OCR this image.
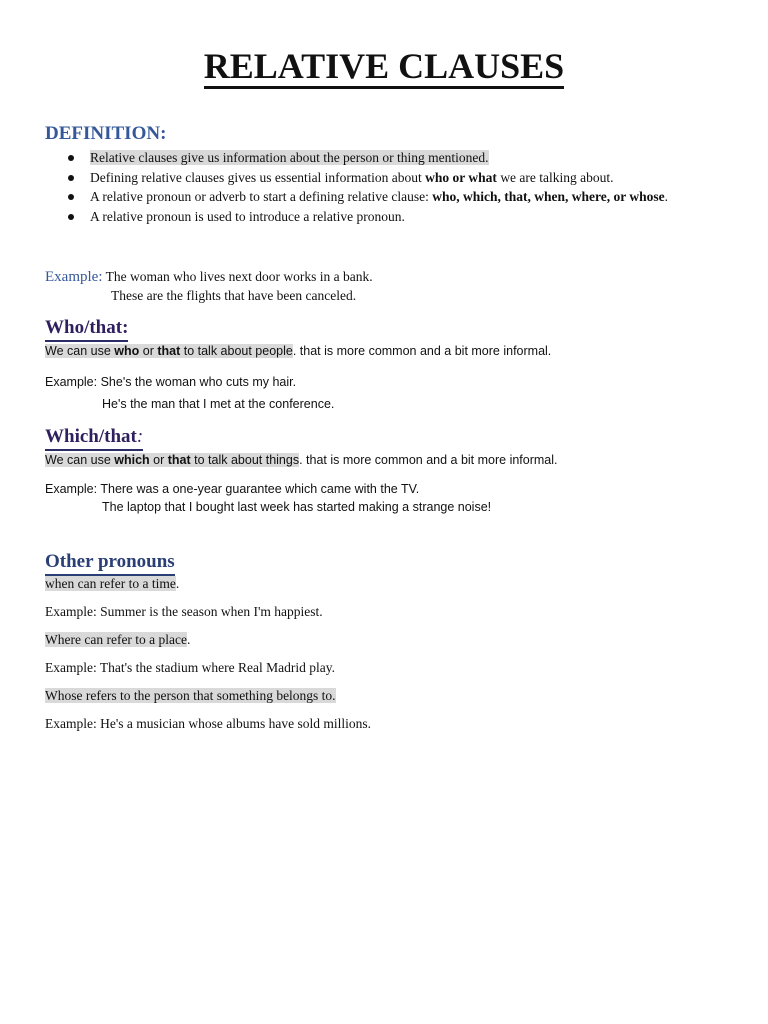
RELATIVE CLAUSES
DEFINITION:
Relative clauses give us information about the person or thing mentioned.
Defining relative clauses gives us essential information about who or what we are talking about.
A relative pronoun or adverb to start a defining relative clause: who, which, that, when, where, or whose.
A relative pronoun is used to introduce a relative pronoun.
Example: The woman who lives next door works in a bank.
These are the flights that have been canceled.
Who/that:
We can use who or that to talk about people. that is more common and a bit more informal.
Example: She's the woman who cuts my hair.
He's the man that I met at the conference.
Which/that:
We can use which or that to talk about things. that is more common and a bit more informal.
Example: There was a one-year guarantee which came with the TV.
The laptop that I bought last week has started making a strange noise!
Other pronouns
when can refer to a time.
Example: Summer is the season when I'm happiest.
Where can refer to a place.
Example: That's the stadium where Real Madrid play.
Whose refers to the person that something belongs to.
Example: He's a musician whose albums have sold millions.
